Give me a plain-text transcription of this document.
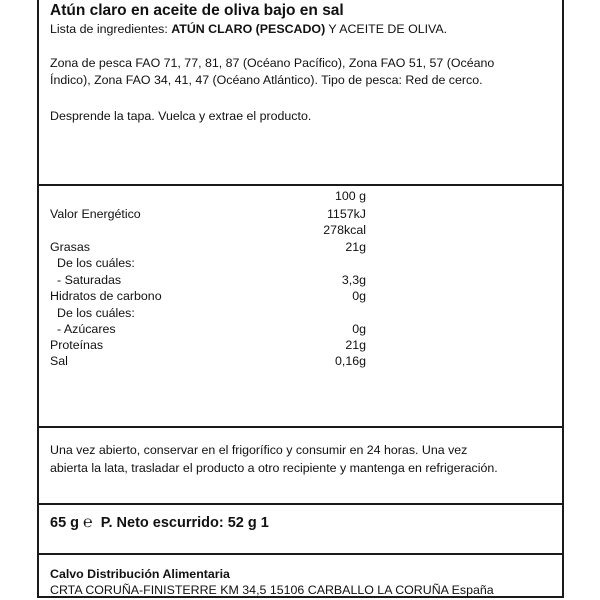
Atún claro en aceite de oliva bajo en sal
Lista de ingredientes: ATÚN CLARO (PESCADO) Y ACEITE DE OLIVA.
Zona de pesca FAO 71, 77, 81, 87 (Océano Pacífico), Zona FAO 51, 57 (Océano
Índico), Zona FAO 34, 41, 47 (Océano Atlántico). Tipo de pesca: Red de cerco.
Desprende la tapa. Vuelca y extrae el producto.
100 g
Valor Energético	1157kJ
278kcal
Grasas	21g
De los cuáles:
- Saturadas	3,3g
Hidratos de carbono	0g
De los cuáles:
- Azúcares	0g
Proteínas	21g
Sal	0,16g
Una vez abierto, conservar en el frigorífico y consumir en 24 horas. Una vez
abierta la lata, trasladar el producto a otro recipiente y mantenga en refrigeración.
65 g ℮ P. Neto escurrido: 52 g 1
Calvo Distribución Alimentaria
CRTA CORUÑA-FINISTERRE KM 34,5 15106 CARBALLO LA CORUÑA España
